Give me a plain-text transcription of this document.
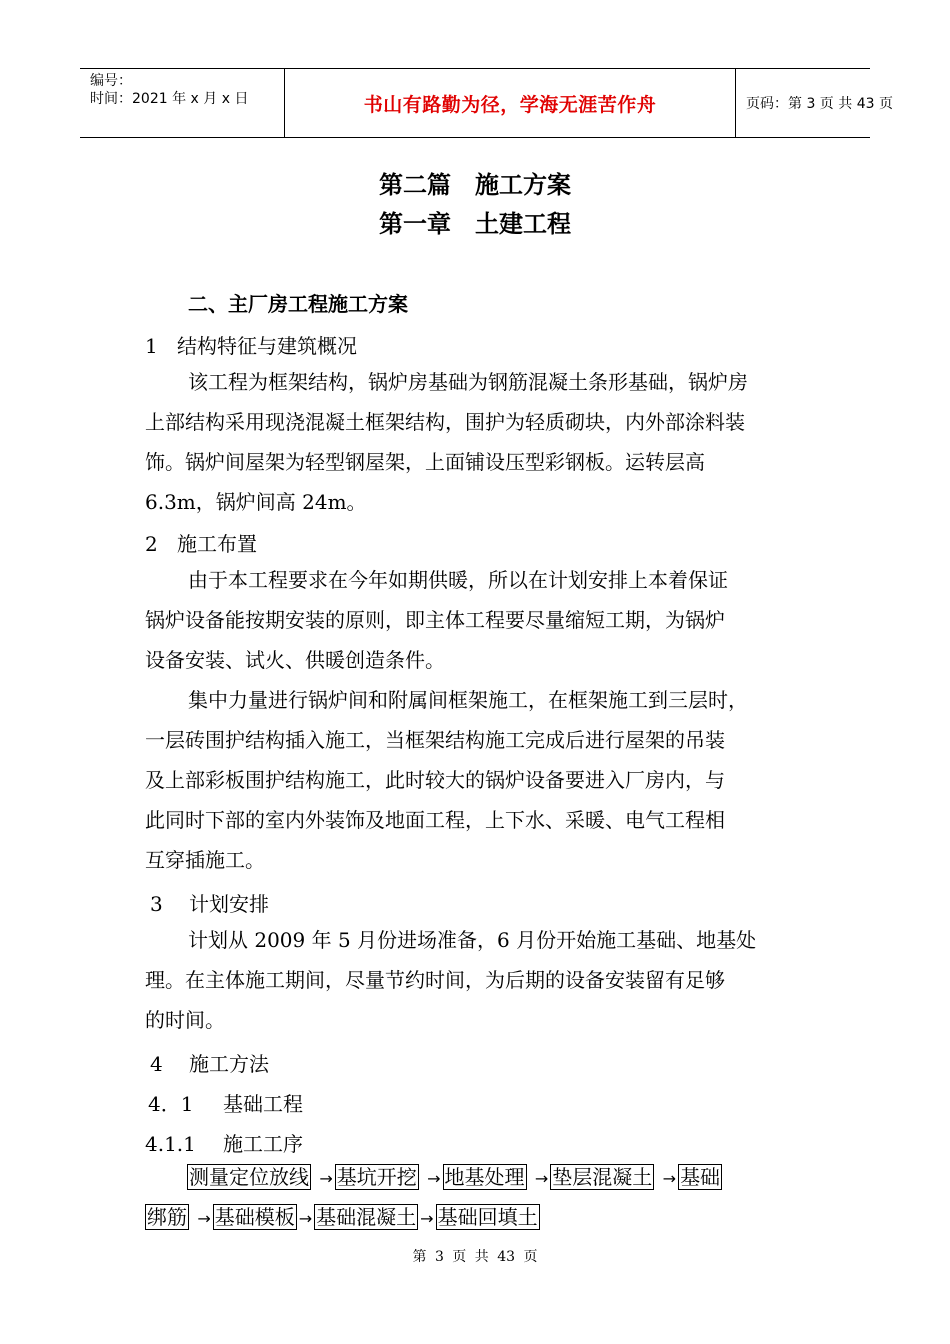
编号：
时间：2021 年 x 月 x 日	书山有路勤为径，学海无涯苦作舟	页码：第 3 页 共 43 页
第二篇 施工方案
第一章 土建工程
二、主厂房工程施工方案
1 结构特征与建筑概况
该工程为框架结构，锅炉房基础为钢筋混凝土条形基础，锅炉房
上部结构采用现浇混凝土框架结构，围护为轻质砌块，内外部涂料装
饰。锅炉间屋架为轻型钢屋架，上面铺设压型彩钢板。运转层高
6.3m，锅炉间高 24m。
2 施工布置
由于本工程要求在今年如期供暖，所以在计划安排上本着保证
锅炉设备能按期安装的原则，即主体工程要尽量缩短工期，为锅炉
设备安装、试火、供暖创造条件。
集中力量进行锅炉间和附属间框架施工，在框架施工到三层时，
一层砖围护结构插入施工，当框架结构施工完成后进行屋架的吊装
及上部彩板围护结构施工，此时较大的锅炉设备要进入厂房内，与
此同时下部的室内外装饰及地面工程，上下水、采暖、电气工程相
互穿插施工。
3 计划安排
计划从 2009 年 5 月份进场准备，6 月份开始施工基础、地基处
理。在主体施工期间，尽量节约时间，为后期的设备安装留有足够
的时间。
4 施工方法
4．1 基础工程
4.1.1 施工工序
测量定位放线 → 基坑开挖 → 地基处理 → 垫层混凝土 → 基础
绑筋 → 基础模板 → 基础混凝土 → 基础回填土
第 3 页 共 43 页
